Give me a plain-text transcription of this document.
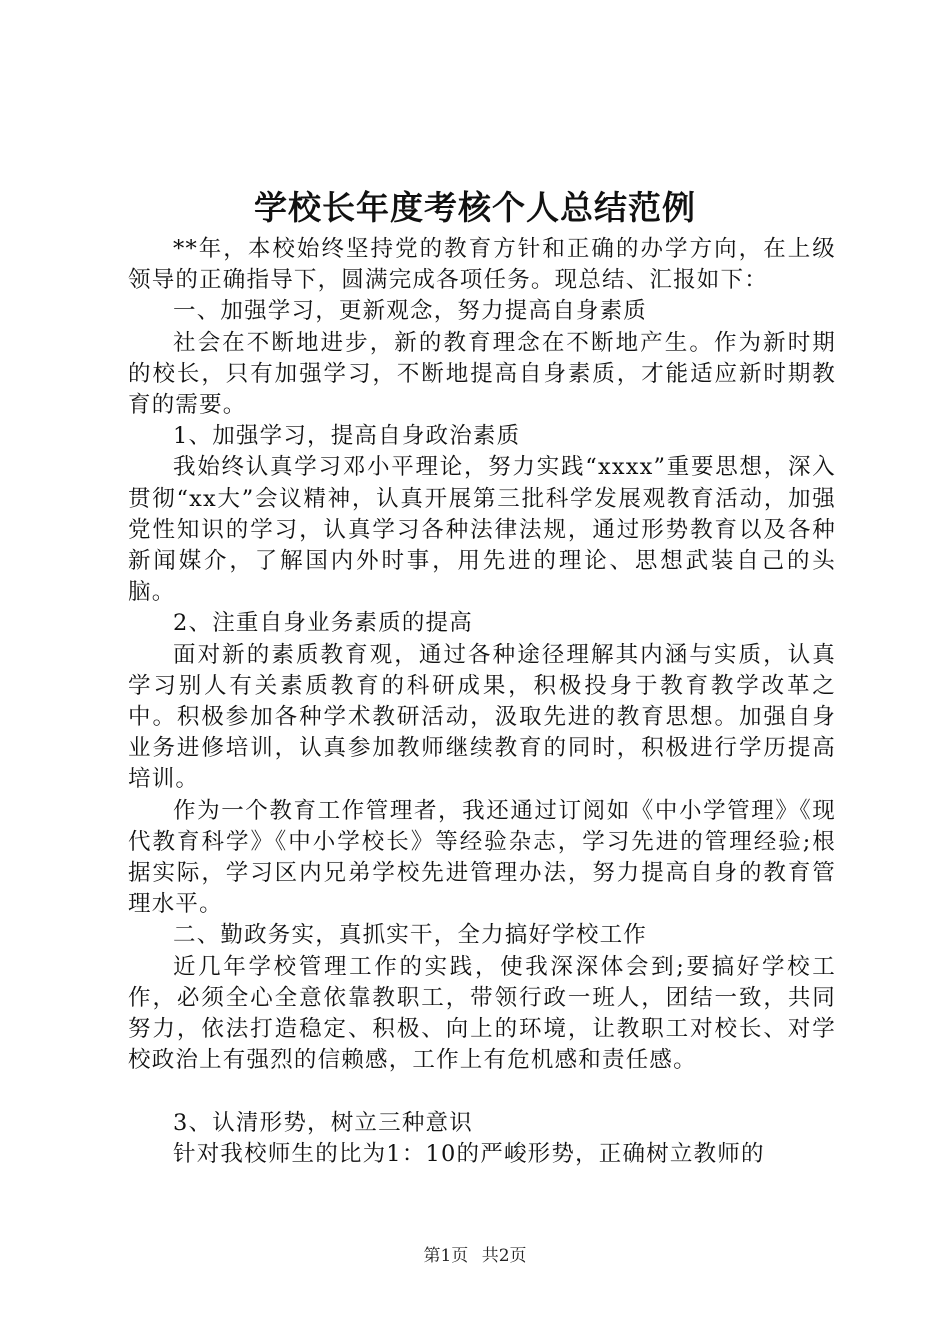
学校长年度考核个人总结范例

**年，本校始终坚持党的教育方针和正确的办学方向，在上级领导的正确指导下，圆满完成各项任务。现总结、汇报如下：

一、加强学习，更新观念，努力提高自身素质

社会在不断地进步，新的教育理念在不断地产生。作为新时期的校长，只有加强学习，不断地提高自身素质，才能适应新时期教育的需要。

1、加强学习，提高自身政治素质

我始终认真学习邓小平理论，努力实践“xxxx”重要思想，深入贯彻“xx大”会议精神，认真开展第三批科学发展观教育活动，加强党性知识的学习，认真学习各种法律法规，通过形势教育以及各种新闻媒介，了解国内外时事，用先进的理论、思想武装自己的头脑。

2、注重自身业务素质的提高

面对新的素质教育观，通过各种途径理解其内涵与实质，认真学习别人有关素质教育的科研成果，积极投身于教育教学改革之中。积极参加各种学术教研活动，汲取先进的教育思想。加强自身业务进修培训，认真参加教师继续教育的同时，积极进行学历提高培训。

作为一个教育工作管理者，我还通过订阅如《中小学管理》《现代教育科学》《中小学校长》等经验杂志，学习先进的管理经验;根据实际，学习区内兄弟学校先进管理办法，努力提高自身的教育管理水平。

二、勤政务实，真抓实干，全力搞好学校工作

近几年学校管理工作的实践，使我深深体会到;要搞好学校工作，必须全心全意依靠教职工，带领行政一班人，团结一致，共同努力，依法打造稳定、积极、向上的环境，让教职工对校长、对学校政治上有强烈的信赖感，工作上有危机感和责任感。

3、认清形势，树立三种意识

针对我校师生的比为1：10的严峻形势，正确树立教师的

第1页 共2页
